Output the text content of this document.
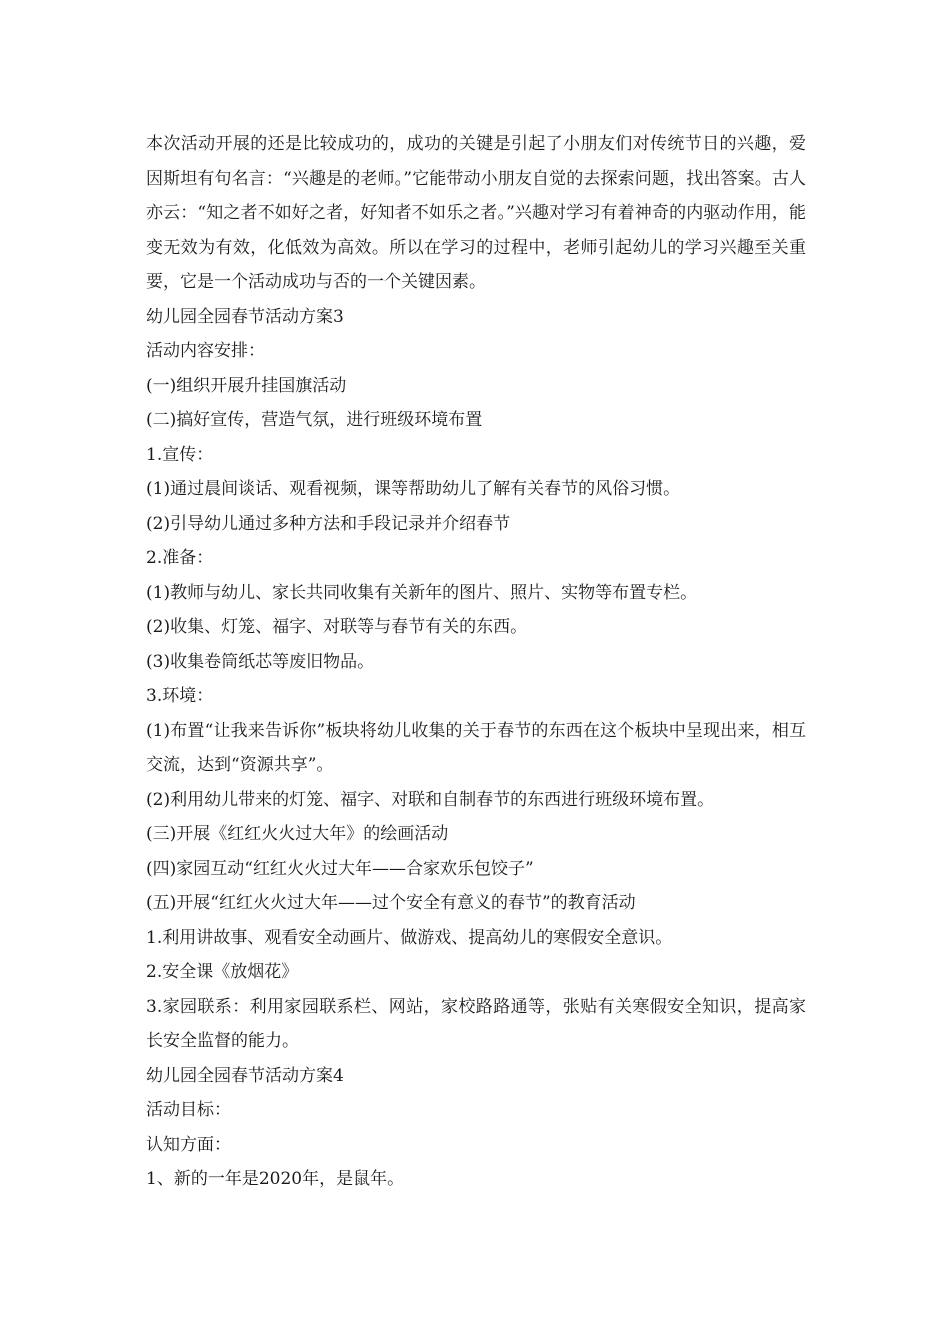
本次活动开展的还是比较成功的，成功的关键是引起了小朋友们对传统节日的兴趣，爱因斯坦有句名言：“兴趣是的老师。”它能带动小朋友自觉的去探索问题，找出答案。古人亦云：“知之者不如好之者，好知者不如乐之者。”兴趣对学习有着神奇的内驱动作用，能变无效为有效，化低效为高效。所以在学习的过程中，老师引起幼儿的学习兴趣至关重要，它是一个活动成功与否的一个关键因素。

幼儿园全园春节活动方案3

活动内容安排：

(一)组织开展升挂国旗活动

(二)搞好宣传，营造气氛，进行班级环境布置

1.宣传：

(1)通过晨间谈话、观看视频，课等帮助幼儿了解有关春节的风俗习惯。

(2)引导幼儿通过多种方法和手段记录并介绍春节

2.准备：

(1)教师与幼儿、家长共同收集有关新年的图片、照片、实物等布置专栏。

(2)收集、灯笼、福字、对联等与春节有关的东西。

(3)收集卷筒纸芯等废旧物品。

3.环境：

(1)布置“让我来告诉你”板块将幼儿收集的关于春节的东西在这个板块中呈现出来，相互交流，达到“资源共享”。

(2)利用幼儿带来的灯笼、福字、对联和自制春节的东西进行班级环境布置。

(三)开展《红红火火过大年》的绘画活动

(四)家园互动“红红火火过大年——合家欢乐包饺子”

(五)开展“红红火火过大年——过个安全有意义的春节”的教育活动

1.利用讲故事、观看安全动画片、做游戏、提高幼儿的寒假安全意识。

2.安全课《放烟花》

3.家园联系：利用家园联系栏、网站，家校路路通等，张贴有关寒假安全知识，提高家长安全监督的能力。

幼儿园全园春节活动方案4

活动目标：

认知方面：

1、新的一年是2020年，是鼠年。
